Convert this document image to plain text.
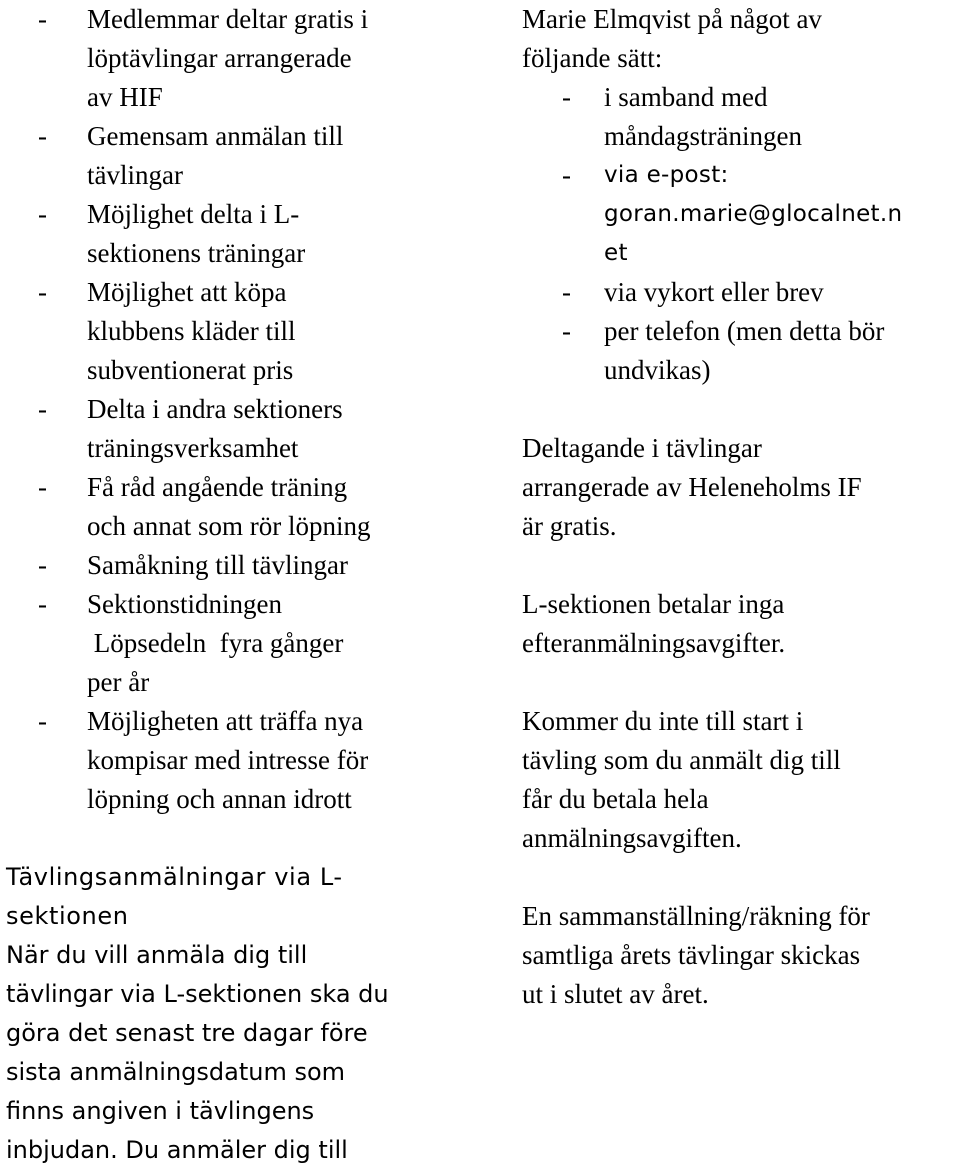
- Medlemmar deltar gratis i
löptävlingar arrangerade
av HIF
- Gemensam anmälan till
tävlingar
- Möjlighet delta i L-
sektionens träningar
- Möjlighet att köpa
klubbens kläder till
subventionerat pris
- Delta i andra sektioners
träningsverksamhet
- Få råd angående träning
och annat som rör löpning
- Samåkning till tävlingar
- Sektionstidningen
Löpsedeln  fyra gånger
per år
- Möjligheten att träffa nya
kompisar med intresse för
löpning och annan idrott
Tävlingsanmälningar via L-
sektionen
När du vill anmäla dig till
tävlingar via L-sektionen ska du
göra det senast tre dagar före
sista anmälningsdatum som
finns angiven i tävlingens
inbjudan. Du anmäler dig till
Marie Elmqvist på något av
följande sätt:
- i samband med
måndagsträningen
- via e-post:
goran.marie@glocalnet.n
et
- via vykort eller brev
- per telefon (men detta bör
undvikas)
Deltagande i tävlingar
arrangerade av Heleneholms IF
är gratis.
L-sektionen betalar inga
efteranmälningsavgifter.
Kommer du inte till start i
tävling som du anmält dig till
får du betala hela
anmälningsavgiften.
En sammanställning/räkning för
samtliga årets tävlingar skickas
ut i slutet av året.
